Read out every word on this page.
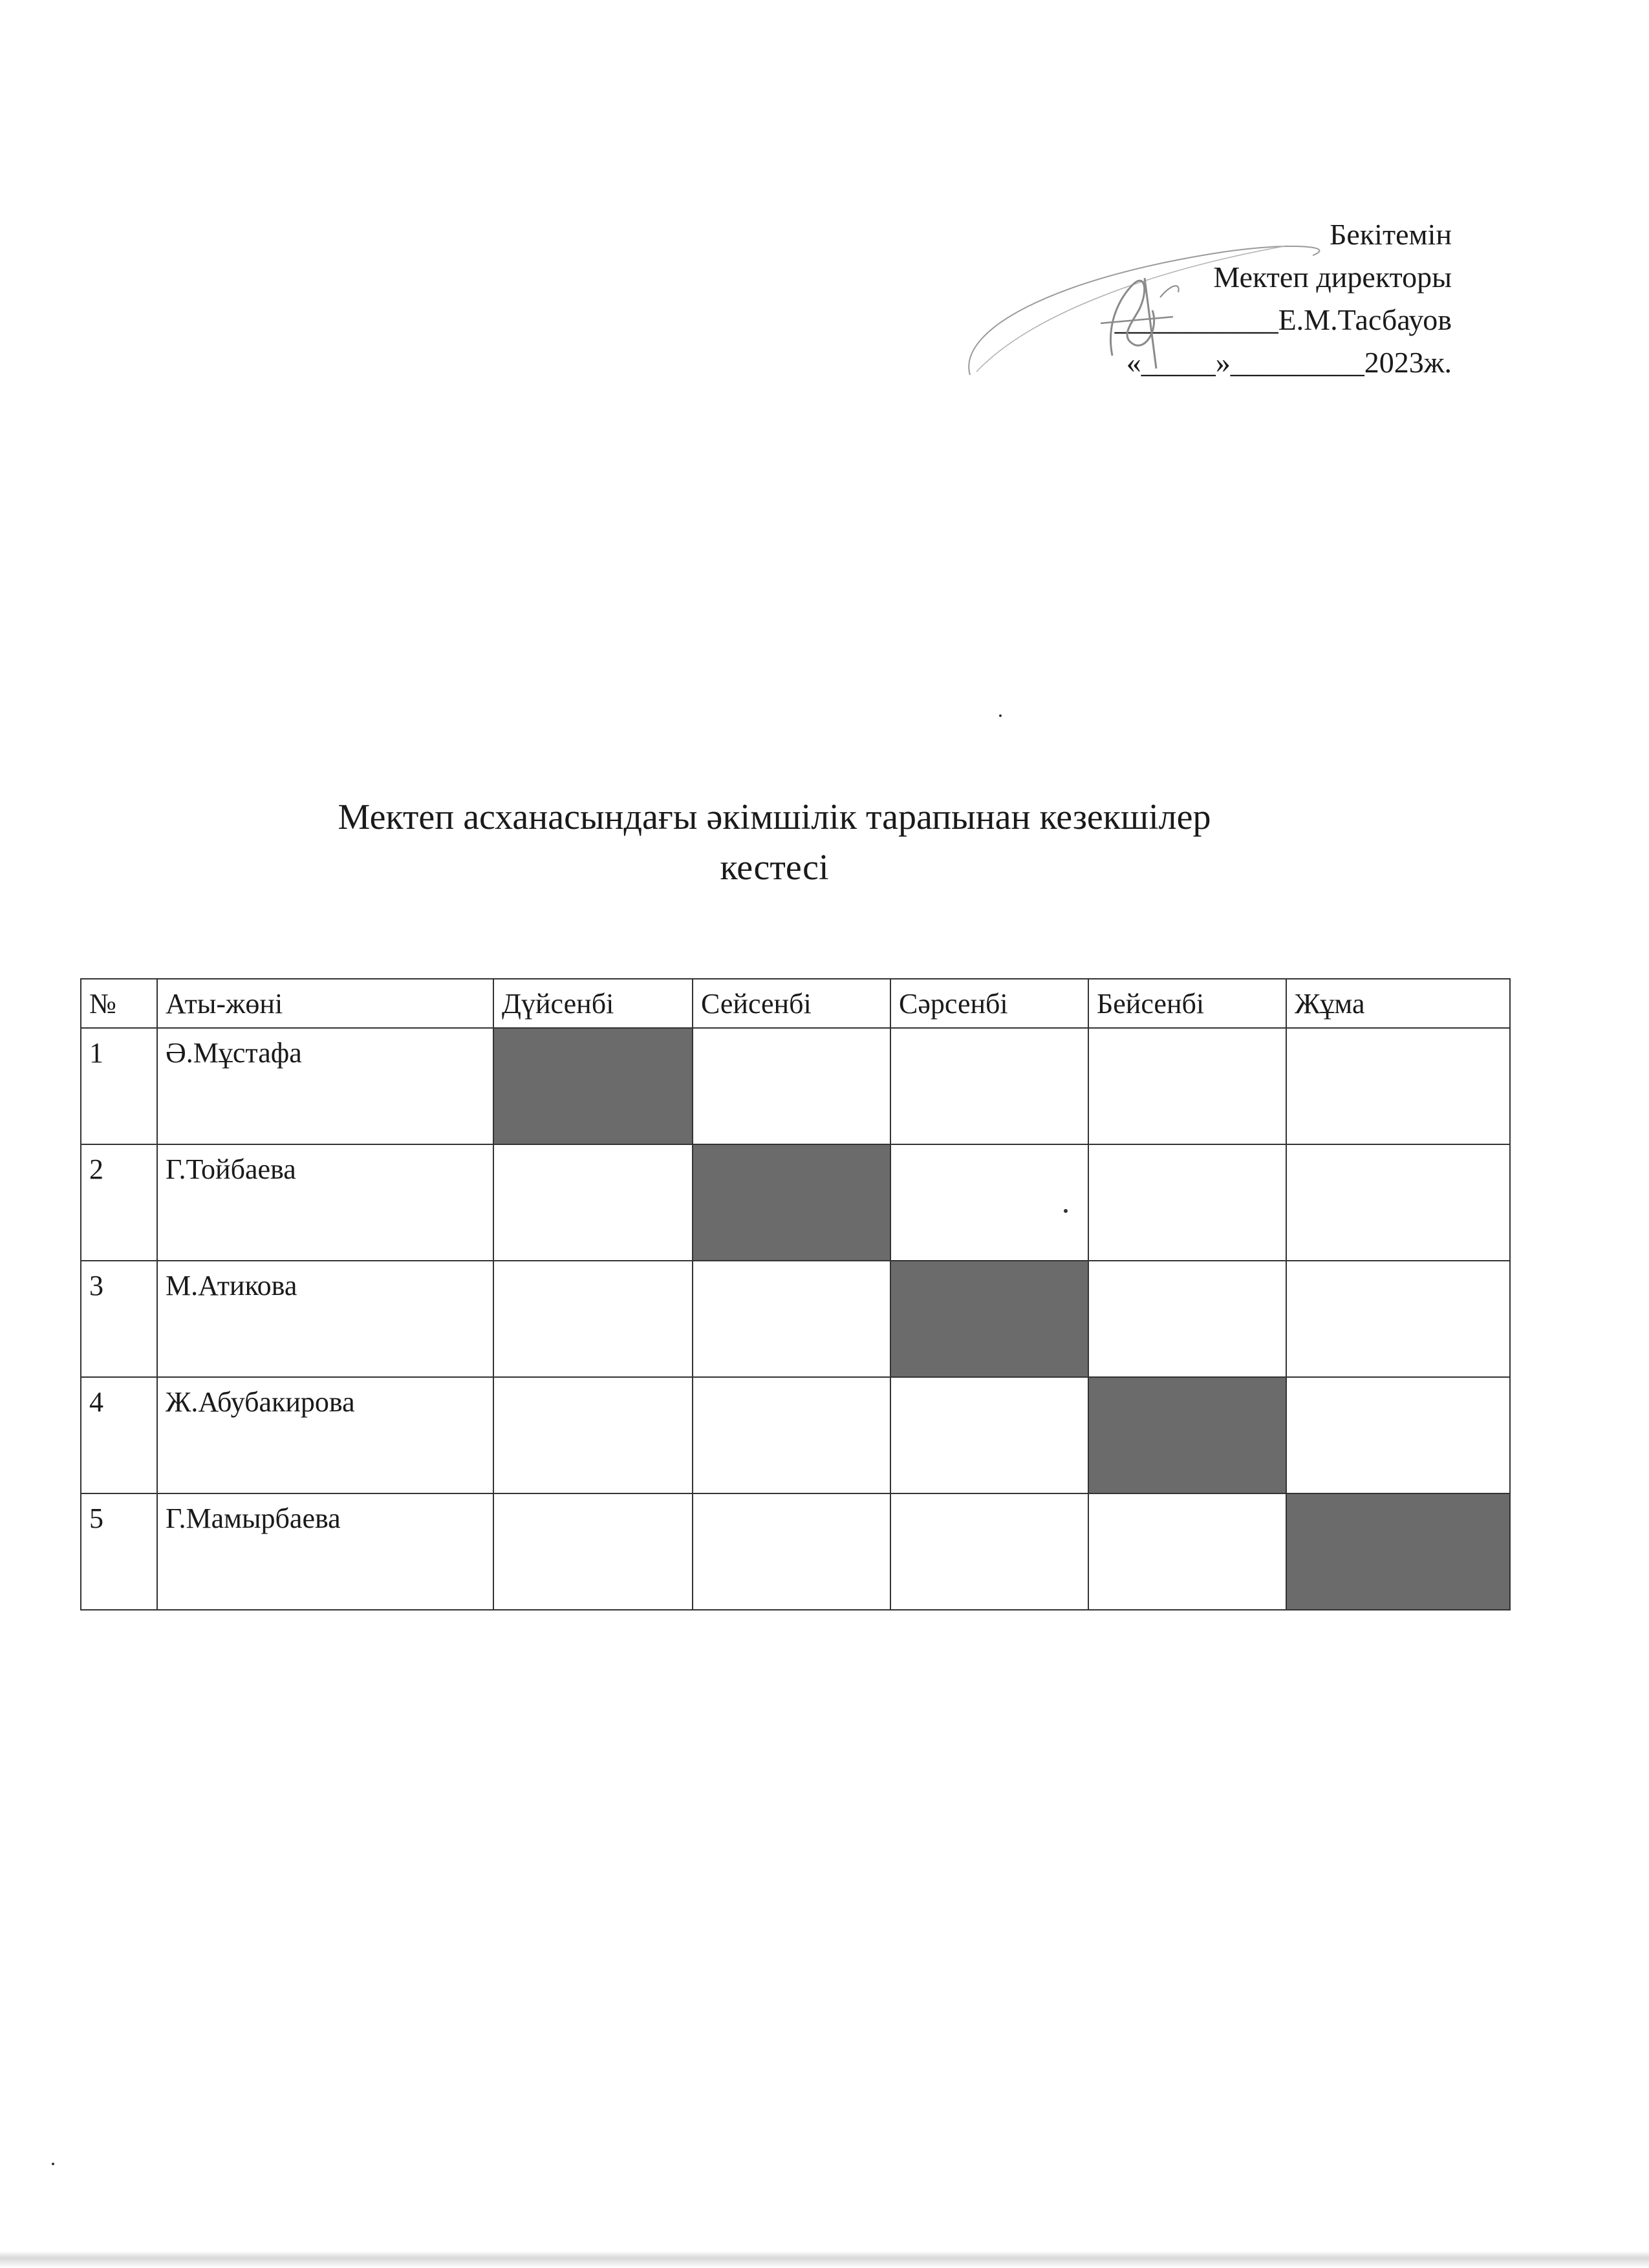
Бекітемін
Мектеп директоры
___________Е.М.Тасбауов
«_____»_________2023ж.
Мектеп асханасындағы әкімшілік тарапынан кезекшілер
кестесі
№	Аты-жөні	Дүйсенбі	Сейсенбі	Сәрсенбі	Бейсенбі	Жұма
1	Ә.Мұстафа					
2	Г.Тойбаева					
3	М.Атикова					
4	Ж.Абубакирова					
5	Г.Мамырбаева					
